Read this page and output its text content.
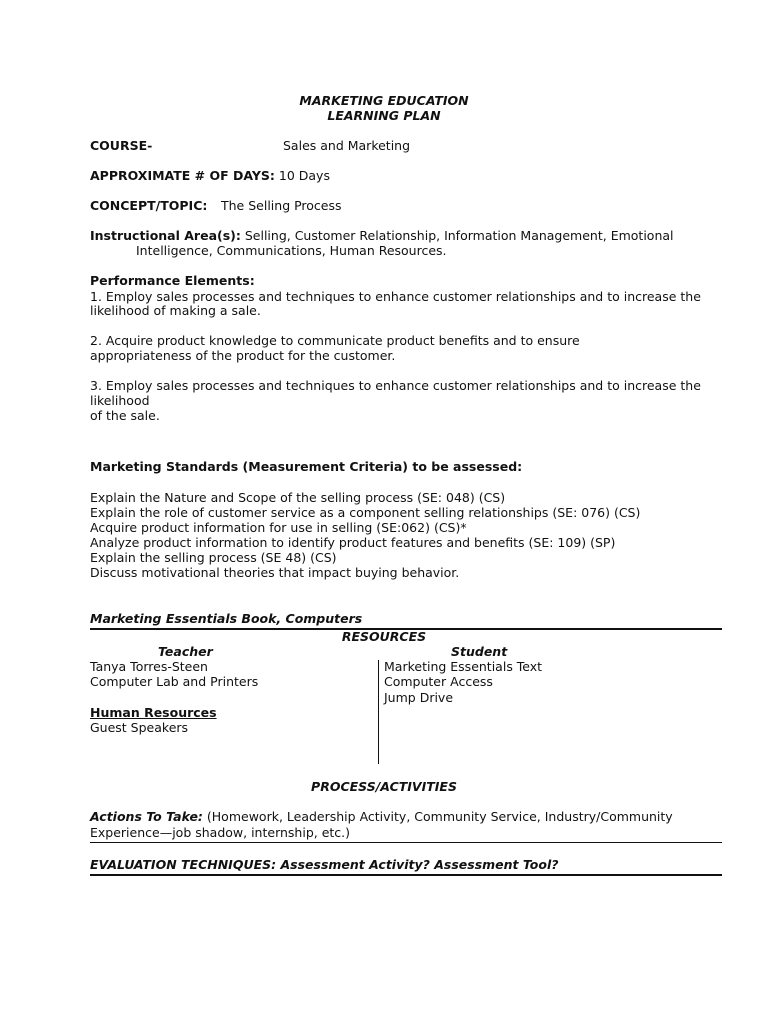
MARKETING EDUCATION
LEARNING PLAN
COURSE-	Sales and Marketing
APPROXIMATE # OF DAYS: 10 Days
CONCEPT/TOPIC: The Selling Process
Instructional Area(s): Selling, Customer Relationship, Information Management, Emotional
Intelligence, Communications, Human Resources.
Performance Elements:
1. Employ sales processes and techniques to enhance customer relationships and to increase the
likelihood of making a sale.
2. Acquire product knowledge to communicate product benefits and to ensure
appropriateness of the product for the customer.
3. Employ sales processes and techniques to enhance customer relationships and to increase the
likelihood
of the sale.
Marketing Standards (Measurement Criteria) to be assessed:
Explain the Nature and Scope of the selling process (SE: 048) (CS)
Explain the role of customer service as a component selling relationships (SE: 076) (CS)
Acquire product information for use in selling (SE:062) (CS)*
Analyze product information to identify product features and benefits (SE: 109) (SP)
Explain the selling process (SE 48) (CS)
Discuss motivational theories that impact buying behavior.
Marketing Essentials Book, Computers
RESOURCES
Teacher	Student
Tanya Torres-Steen
Computer Lab and Printers
Human Resources
Guest Speakers
Marketing Essentials Text
Computer Access
Jump Drive
PROCESS/ACTIVITIES
Actions To Take: (Homework, Leadership Activity, Community Service, Industry/Community
Experience—job shadow, internship, etc.)
EVALUATION TECHNIQUES: Assessment Activity? Assessment Tool?
